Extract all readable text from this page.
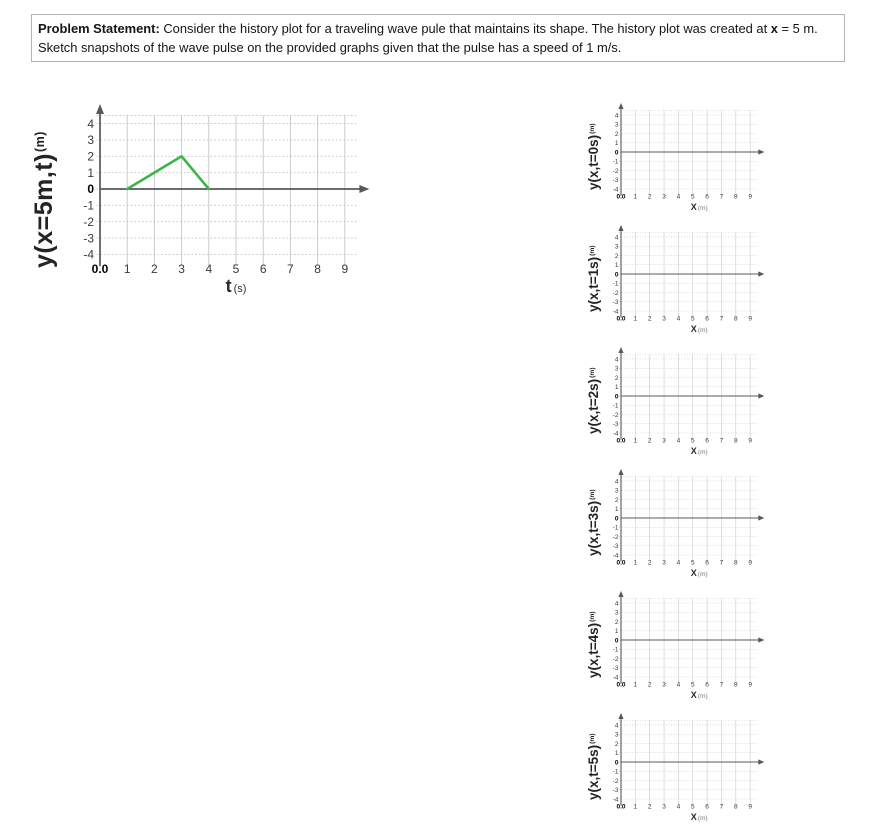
Problem Statement: Consider the history plot for a traveling wave pule that maintains its shape. The history plot was created at x = 5 m.
Sketch snapshots of the wave pulse on the provided graphs given that the pulse has a speed of 1 m/s.
y(x=5m,t)$^{(m)}$
0.0 1 2 3 4 5 6 7 8 9
4
3
2
1
0
-1
-2
-3
-4
t (s)
y(x,t=0s)$^{(m)}$
0.0 1 2 3 4 5 6 7 8 9
4
3
2
1
0
-1
-2
-3
-4
X(m)
y(x,t=1s)$^{(m)}$
0.0 1 2 3 4 5 6 7 8 9
4
3
2
1
0
-1
-2
-3
-4
X(m)
y(x,t=2s)$^{(m)}$
0.0 1 2 3 4 5 6 7 8 9
4
3
2
1
0
-1
-2
-3
-4
X(m)
y(x,t=3s)$^{(m)}$
0.0 1 2 3 4 5 6 7 8 9
4
3
2
1
0
-1
-2
-3
-4
X(m)
y(x,t=4s)$^{(m)}$
0.0 1 2 3 4 5 6 7 8 9
4
3
2
1
0
-1
-2
-3
-4
X(m)
y(x,t=5s)$^{(m)}$
0.0 1 2 3 4 5 6 7 8 9
4
3
2
1
0
-1
-2
-3
-4
X(m)
